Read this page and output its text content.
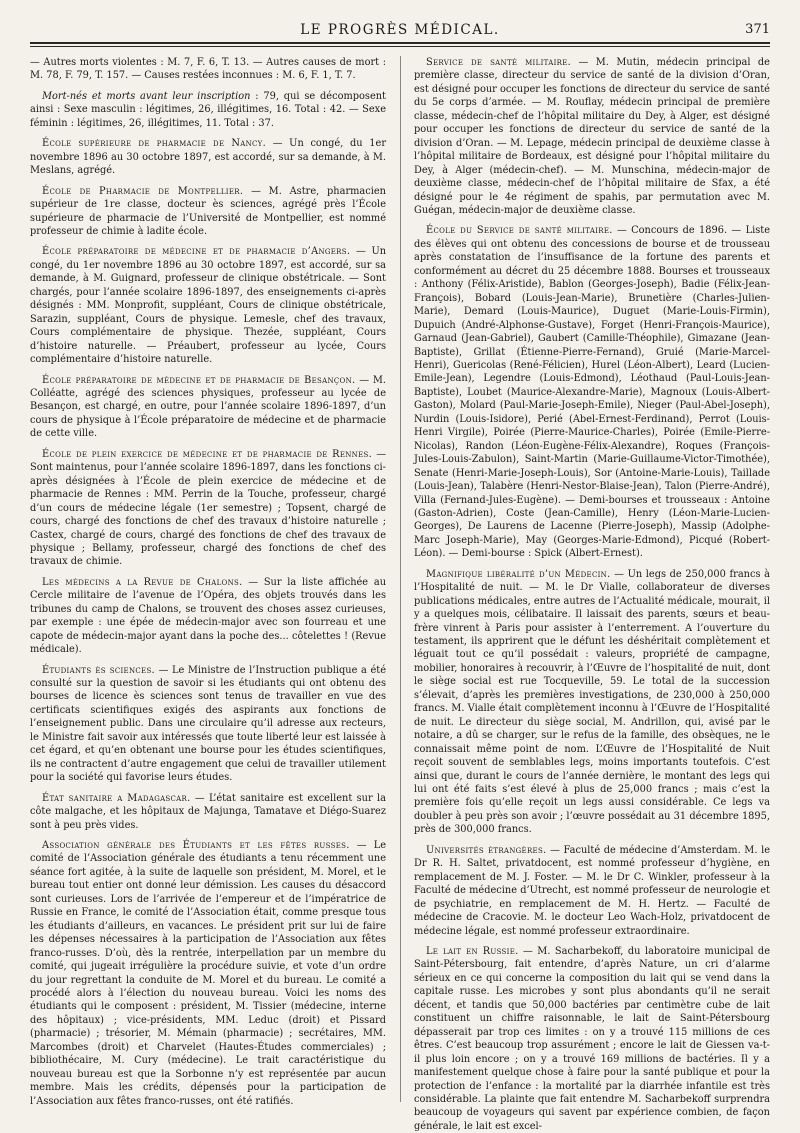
LE PROGRÈS MÉDICAL.	371

— Autres morts violentes : M. 7, F. 6, T. 13. — Autres causes de mort : M. 78, F. 79, T. 157. — Causes restées inconnues : M. 6, F. 1, T. 7.

Mort-nés et morts avant leur inscription : 79, qui se décomposent ainsi : Sexe masculin : légitimes, 26, illégitimes, 16. Total : 42. — Sexe féminin : légitimes, 26, illégitimes, 11. Total : 37.

École supérieure de pharmacie de Nancy. — Un congé, du 1er novembre 1896 au 30 octobre 1897, est accordé, sur sa demande, à M. Meslans, agrégé.

École de Pharmacie de Montpellier. — M. Astre, pharmacien supérieur de 1re classe, docteur ès sciences, agrégé près l’École supérieure de pharmacie de l’Université de Montpellier, est nommé professeur de chimie à ladite école.

École préparatoire de médecine et de pharmacie d’Angers. — Un congé, du 1er novembre 1896 au 30 octobre 1897, est accordé, sur sa demande, à M. Guignard, professeur de clinique obstétricale. — Sont chargés, pour l’année scolaire 1896-1897, des enseignements ci-après désignés : MM. Monprofit, suppléant, Cours de clinique obstétricale, Sarazin, suppléant, Cours de physique. Lemesle, chef des travaux, Cours complémentaire de physique. Thezée, suppléant, Cours d’histoire naturelle. — Préaubert, professeur au lycée, Cours complémentaire d’histoire naturelle.

École préparatoire de médecine et de pharmacie de Besançon. — M. Colléatte, agrégé des sciences physiques, professeur au lycée de Besançon, est chargé, en outre, pour l’année scolaire 1896-1897, d’un cours de physique à l’École préparatoire de médecine et de pharmacie de cette ville.

École de plein exercice de médecine et de pharmacie de Rennes. — Sont maintenus, pour l’année scolaire 1896-1897, dans les fonctions ci-après désignées à l’École de plein exercice de médecine et de pharmacie de Rennes : MM. Perrin de la Touche, professeur, chargé d’un cours de médecine légale (1er semestre) ; Topsent, chargé de cours, chargé des fonctions de chef des travaux d’histoire naturelle ; Castex, chargé de cours, chargé des fonctions de chef des travaux de physique ; Bellamy, professeur, chargé des fonctions de chef des travaux de chimie.

Les médecins a la Revue de Chalons. — Sur la liste affichée au Cercle militaire de l’avenue de l’Opéra, des objets trouvés dans les tribunes du camp de Chalons, se trouvent des choses assez curieuses, par exemple : une épée de médecin-major avec son fourreau et une capote de médecin-major ayant dans la poche des... côtelettes ! (Revue médicale).

Étudiants ès sciences. — Le Ministre de l’Instruction publique a été consulté sur la question de savoir si les étudiants qui ont obtenu des bourses de licence ès sciences sont tenus de travailler en vue des certificats scientifiques exigés des aspirants aux fonctions de l’enseignement public. Dans une circulaire qu’il adresse aux recteurs, le Ministre fait savoir aux intéressés que toute liberté leur est laissée à cet égard, et qu’en obtenant une bourse pour les études scientifiques, ils ne contractent d’autre engagement que celui de travailler utilement pour la société qui favorise leurs études.

État sanitaire a Madagascar. — L’état sanitaire est excellent sur la côte malgache, et les hôpitaux de Majunga, Tamatave et Diégo-Suarez sont à peu près vides.

Association générale des Étudiants et les fêtes russes. — Le comité de l’Association générale des étudiants a tenu récemment une séance fort agitée, à la suite de laquelle son président, M. Morel, et le bureau tout entier ont donné leur démission. Les causes du désaccord sont curieuses. Lors de l’arrivée de l’empereur et de l’impératrice de Russie en France, le comité de l’Association était, comme presque tous les étudiants d’ailleurs, en vacances. Le président prit sur lui de faire les dépenses nécessaires à la participation de l’Association aux fêtes franco-russes. D’où, dès la rentrée, interpellation par un membre du comité, qui jugeait irrégulière la procédure suivie, et vote d’un ordre du jour regrettant la conduite de M. Morel et du bureau. Le comité a procédé alors à l’élection du nouveau bureau. Voici les noms des étudiants qui le composent : président, M. Tissier (médecine, interne des hôpitaux) ; vice-présidents, MM. Leduc (droit) et Pissard (pharmacie) ; trésorier, M. Mémain (pharmacie) ; secrétaires, MM. Marcombes (droit) et Charvelet (Hautes-Études commerciales) ; bibliothécaire, M. Cury (médecine). Le trait caractéristique du nouveau bureau est que la Sorbonne n’y est représentée par aucun membre. Mais les crédits, dépensés pour la participation de l’Association aux fêtes franco-russes, ont été ratifiés.

Service de santé militaire. — M. Mutin, médecin principal de première classe, directeur du service de santé de la division d’Oran, est désigné pour occuper les fonctions de directeur du service de santé du 5e corps d’armée. — M. Rouflay, médecin principal de première classe, médecin-chef de l’hôpital militaire du Dey, à Alger, est désigné pour occuper les fonctions de directeur du service de santé de la division d’Oran. — M. Lepage, médecin principal de deuxième classe à l’hôpital militaire de Bordeaux, est désigné pour l’hôpital militaire du Dey, à Alger (médecin-chef). — M. Munschina, médecin-major de deuxième classe, médecin-chef de l’hôpital militaire de Sfax, a été désigné pour le 4e régiment de spahis, par permutation avec M. Guégan, médecin-major de deuxième classe.

École du Service de santé militaire. — Concours de 1896. — Liste des élèves qui ont obtenu des concessions de bourse et de trousseau après constatation de l’insuffisance de la fortune des parents et conformément au décret du 25 décembre 1888. Bourses et trousseaux : Anthony (Félix-Aristide), Bablon (Georges-Joseph), Badie (Félix-Jean-François), Bobard (Louis-Jean-Marie), Brunetière (Charles-Julien-Marie), Demard (Louis-Maurice), Duguet (Marie-Louis-Firmin), Dupuich (André-Alphonse-Gustave), Forget (Henri-François-Maurice), Garnaud (Jean-Gabriel), Gaubert (Camille-Théophile), Gimazane (Jean-Baptiste), Grillat (Étienne-Pierre-Fernand), Gruié (Marie-Marcel-Henri), Guericolas (René-Félicien), Hurel (Léon-Albert), Leard (Lucien-Emile-Jean), Legendre (Louis-Edmond), Léothaud (Paul-Louis-Jean-Baptiste), Loubet (Maurice-Alexandre-Marie), Magnoux (Louis-Albert-Gaston), Molard (Paul-Marie-Joseph-Emile), Nieger (Paul-Abel-Joseph), Nurdin (Louis-Isidore), Perié (Abel-Ernest-Ferdinand), Perrot (Louis-Henri Virgile), Poirée (Pierre-Maurice-Charles), Poirée (Emile-Pierre-Nicolas), Randon (Léon-Eugène-Félix-Alexandre), Roques (François-Jules-Louis-Zabulon), Saint-Martin (Marie-Guillaume-Victor-Timothée), Senate (Henri-Marie-Joseph-Louis), Sor (Antoine-Marie-Louis), Taillade (Louis-Jean), Talabère (Henri-Nestor-Blaise-Jean), Talon (Pierre-André), Villa (Fernand-Jules-Eugène). — Demi-bourses et trousseaux : Antoine (Gaston-Adrien), Coste (Jean-Camille), Henry (Léon-Marie-Lucien-Georges), De Laurens de Lacenne (Pierre-Joseph), Massip (Adolphe-Marc Joseph-Marie), May (Georges-Marie-Edmond), Picqué (Robert-Léon). — Demi-bourse : Spick (Albert-Ernest).

Magnifique libéralité d’un Médecin. — Un legs de 250,000 francs à l’Hospitalité de nuit. — M. le Dr Vialle, collaborateur de diverses publications médicales, entre autres de l’Actualité médicale, mourait, il y a quelques mois, célibataire. Il laissait des parents, sœurs et beau-frère vinrent à Paris pour assister à l’enterrement. A l’ouverture du testament, ils apprirent que le défunt les déshéritait complètement et léguait tout ce qu’il possédait : valeurs, propriété de campagne, mobilier, honoraires à recouvrir, à l’Œuvre de l’hospitalité de nuit, dont le siège social est rue Tocqueville, 59. Le total de la succession s’élevait, d’après les premières investigations, de 230,000 à 250,000 francs. M. Vialle était complètement inconnu à l’Œuvre de l’Hospitalité de nuit. Le directeur du siège social, M. Andrillon, qui, avisé par le notaire, a dû se charger, sur le refus de la famille, des obsèques, ne le connaissait même point de nom. L’Œuvre de l’Hospitalité de Nuit reçoit souvent de semblables legs, moins importants toutefois. C’est ainsi que, durant le cours de l’année dernière, le montant des legs qui lui ont été faits s’est élevé à plus de 25,000 francs ; mais c’est la première fois qu’elle reçoit un legs aussi considérable. Ce legs va doubler à peu près son avoir ; l’œuvre possédait au 31 décembre 1895, près de 300,000 francs.

Universités étrangères. — Faculté de médecine d’Amsterdam. M. le Dr R. H. Saltet, privatdocent, est nommé professeur d’hygiène, en remplacement de M. J. Foster. — M. le Dr C. Winkler, professeur à la Faculté de médecine d’Utrecht, est nommé professeur de neurologie et de psychiatrie, en remplacement de M. H. Hertz. — Faculté de médecine de Cracovie. M. le docteur Leo Wach-Holz, privatdocent de médecine légale, est nommé professeur extraordinaire.

Le lait en Russie. — M. Sacharbekoff, du laboratoire municipal de Saint-Pétersbourg, fait entendre, d’après Nature, un cri d’alarme sérieux en ce qui concerne la composition du lait qui se vend dans la capitale russe. Les microbes y sont plus abondants qu’il ne serait décent, et tandis que 50,000 bactéries par centimètre cube de lait constituent un chiffre raisonnable, le lait de Saint-Pétersbourg dépasserait par trop ces limites : on y a trouvé 115 millions de ces êtres. C’est beaucoup trop assurément ; encore le lait de Giessen va-t-il plus loin encore ; on y a trouvé 169 millions de bactéries. Il y a manifestement quelque chose à faire pour la santé publique et pour la protection de l’enfance : la mortalité par la diarrhée infantile est très considérable. La plainte que fait entendre M. Sacharbekoff surprendra beaucoup de voyageurs qui savent par expérience combien, de façon générale, le lait est excel-
